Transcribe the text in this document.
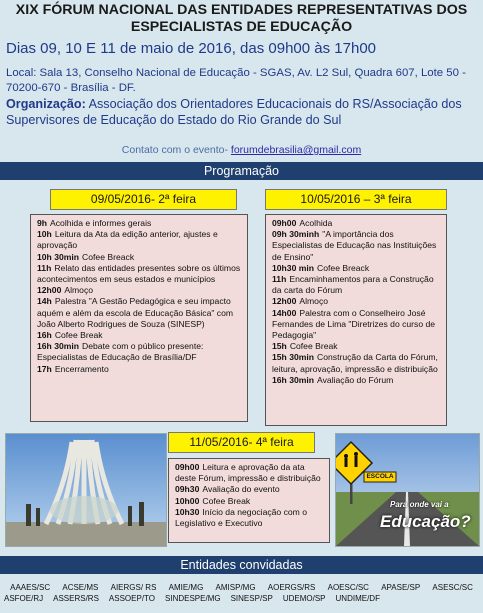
XIX FÓRUM NACIONAL DAS ENTIDADES REPRESENTATIVAS DOS
ESPECIALISTAS DE EDUCAÇÃO
Dias 09, 10 E 11 de maio de 2016, das 09h00 às 17h00
Local: Sala 13, Conselho Nacional de Educação - SGAS, Av. L2 Sul, Quadra 607, Lote 50 - 70200-670 - Brasília - DF.
Organização: Associação dos Orientadores Educacionais do RS/Associação dos Supervisores de Educação do Estado do Rio Grande do Sul
Contato com o evento- forumdebrasilia@gmail.com
Programação
09/05/2016- 2ª feira
9h Acolhida e informes gerais
10h Leitura da Ata da edição anterior, ajustes e aprovação
10h 30min Cofee Breack
11h Relato das entidades presentes sobre os últimos acontecimentos em seus estados e municípios
12h00 Almoço
14h Palestra "A Gestão Pedagógica e seu impacto aquém e além da escola de Educação Básica" com João Alberto Rodrigues de Souza (SINESP)
16h Cofee Break
16h 30min Debate com o público presente: Especialistas de Educação de Brasília/DF
17h Encerramento
10/05/2016 – 3ª feira
09h00 Acolhida
09h 30minh "A importância dos Especialistas de Educação nas Instituições de Ensino"
10h30 min Cofee Breack
11h Encaminhamentos para a Construção da carta do Fórum
12h00 Almoço
14h00 Palestra com o Conselheiro José Fernandes de Lima "Diretrizes do curso de Pedagogia"
15h Cofee Break
15h 30min Construção da Carta do Fórum, leitura, aprovação, impressão e distribuição
16h 30min Avaliação do Fórum
11/05/2016- 4ª feira
09h00 Leitura e aprovação da ata deste Fórum, impressão e distribuição
09h30 Avaliação do evento
10h00 Cofee Break
10h30 Início da negociação com o Legislativo e Executivo
ESCOLA
Para onde vai a
Educação?
Entidades convidadas
AAAES/SC ACSE/MS AIERGS/ RS AMIE/MG AMISP/MG AOERGS/RS AOESC/SC APASE/SP ASESC/SC
ASFOE/RJ ASSERS/RS ASSOEP/TO SINDESPE/MG SINESP/SP UDEMO/SP UNDIME/DF
